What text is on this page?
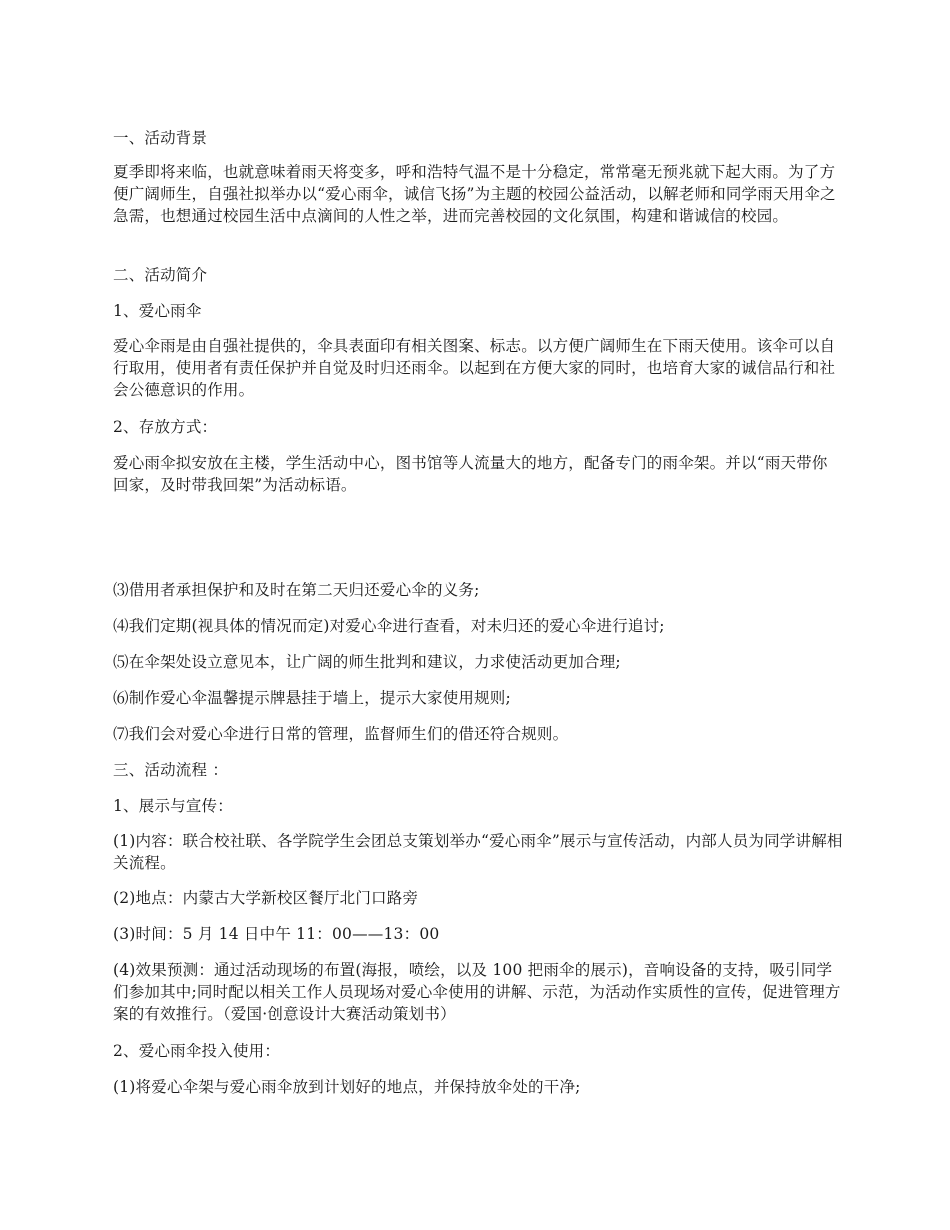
一、活动背景

夏季即将来临，也就意味着雨天将变多，呼和浩特气温不是十分稳定，常常毫无预兆就下起大雨。为了方便广阔师生，自强社拟举办以“爱心雨伞，诚信飞扬”为主题的校园公益活动，以解老师和同学雨天用伞之急需，也想通过校园生活中点滴间的人性之举，进而完善校园的文化氛围，构建和谐诚信的校园。

二、活动简介

1、爱心雨伞

爱心伞雨是由自强社提供的，伞具表面印有相关图案、标志。以方便广阔师生在下雨天使用。该伞可以自行取用，使用者有责任保护并自觉及时归还雨伞。以起到在方便大家的同时，也培育大家的诚信品行和社会公德意识的作用。

2、存放方式：

爱心雨伞拟安放在主楼，学生活动中心，图书馆等人流量大的地方，配备专门的雨伞架。并以“雨天带你回家，及时带我回架”为活动标语。

⑶借用者承担保护和及时在第二天归还爱心伞的义务;

⑷我们定期(视具体的情况而定)对爱心伞进行查看，对未归还的爱心伞进行追讨;

⑸在伞架处设立意见本，让广阔的师生批判和建议，力求使活动更加合理;

⑹制作爱心伞温馨提示牌悬挂于墙上，提示大家使用规则;

⑺我们会对爱心伞进行日常的管理，监督师生们的借还符合规则。

三、活动流程 ：

1、展示与宣传：

(1)内容：联合校社联、各学院学生会团总支策划举办“爱心雨伞”展示与宣传活动，内部人员为同学讲解相关流程。

(2)地点：内蒙古大学新校区餐厅北门口路旁

(3)时间：5 月 14 日中午 11：00——13：00

(4)效果预测：通过活动现场的布置(海报，喷绘，以及 100 把雨伞的展示)，音响设备的支持，吸引同学们参加其中;同时配以相关工作人员现场对爱心伞使用的讲解、示范，为活动作实质性的宣传，促进管理方案的有效推行。（爱国·创意设计大赛活动策划书）

2、爱心雨伞投入使用：

(1)将爱心伞架与爱心雨伞放到计划好的地点，并保持放伞处的干净;
